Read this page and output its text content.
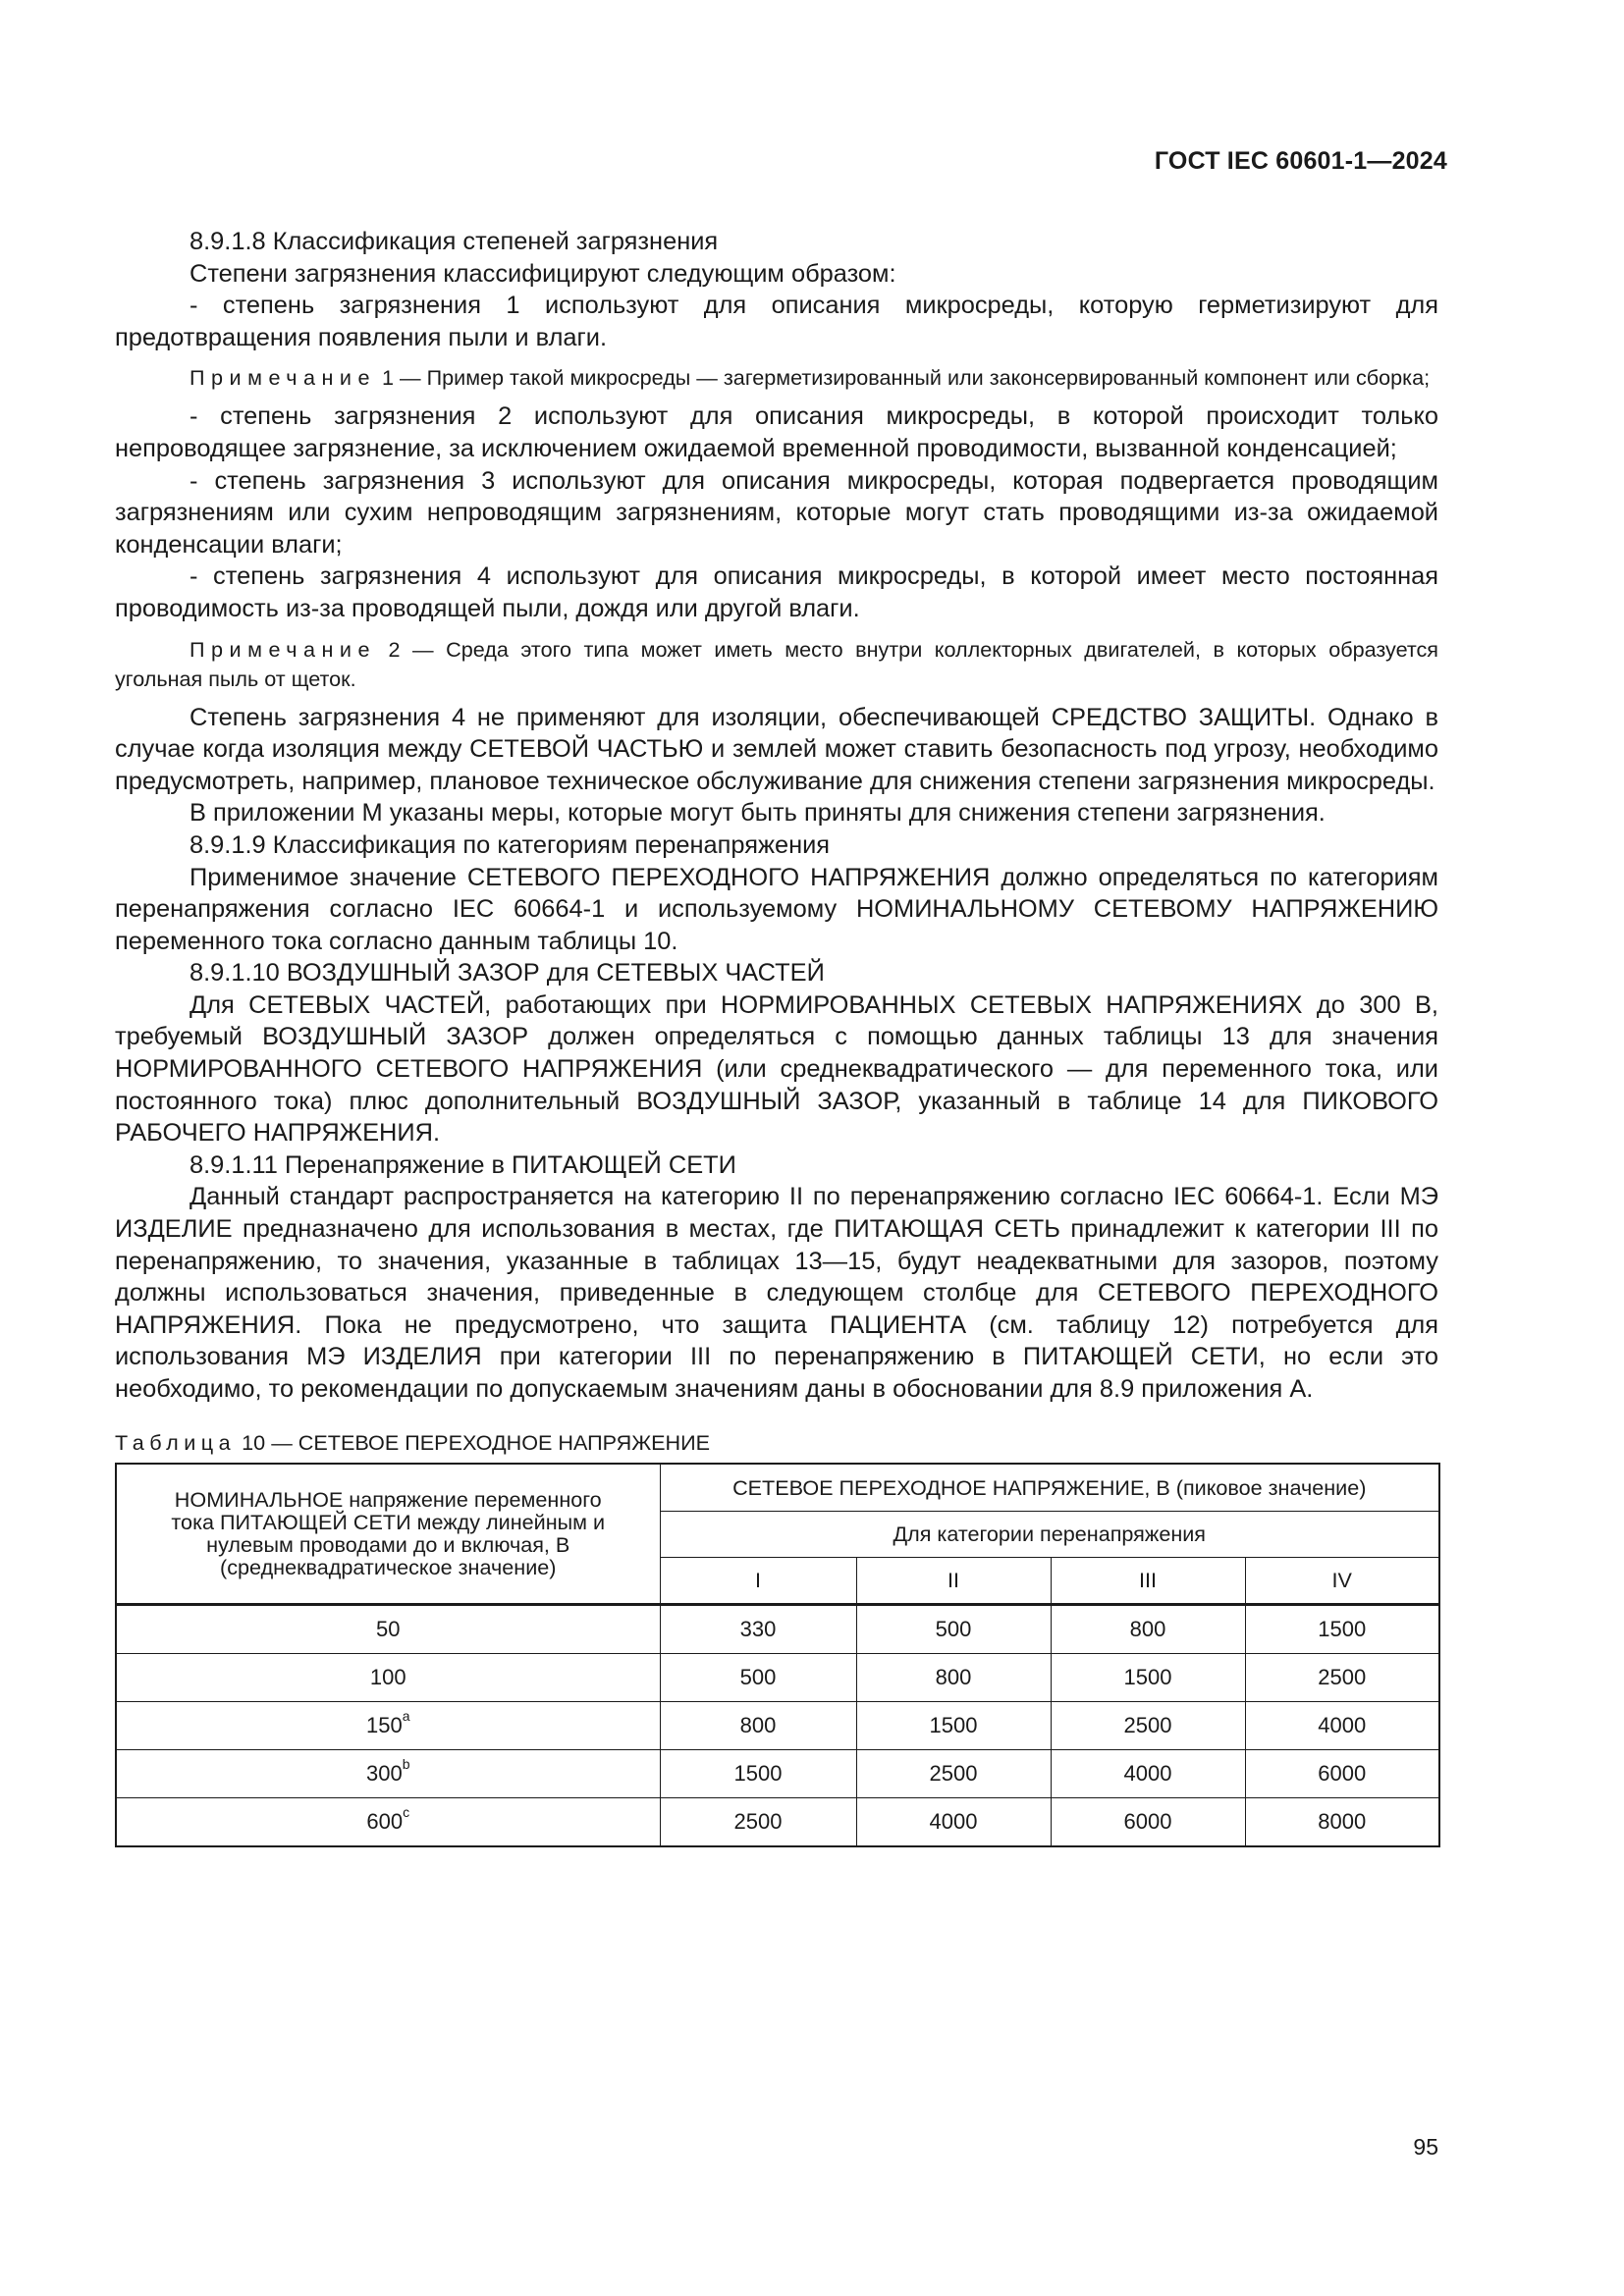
ГОСТ IEC 60601-1—2024

8.9.1.8 Классификация степеней загрязнения

Степени загрязнения классифицируют следующим образом:

- степень загрязнения 1 используют для описания микросреды, которую герметизируют для предотвращения появления пыли и влаги.

Примечание 1 — Пример такой микросреды — загерметизированный или законсервированный компонент или сборка;

- степень загрязнения 2 используют для описания микросреды, в которой происходит только непроводящее загрязнение, за исключением ожидаемой временной проводимости, вызванной конденсацией;

- степень загрязнения 3 используют для описания микросреды, которая подвергается проводящим загрязнениям или сухим непроводящим загрязнениям, которые могут стать проводящими из-за ожидаемой конденсации влаги;

- степень загрязнения 4 используют для описания микросреды, в которой имеет место постоянная проводимость из-за проводящей пыли, дождя или другой влаги.

Примечание 2 — Среда этого типа может иметь место внутри коллекторных двигателей, в которых образуется угольная пыль от щеток.

Степень загрязнения 4 не применяют для изоляции, обеспечивающей СРЕДСТВО ЗАЩИТЫ. Однако в случае когда изоляция между СЕТЕВОЙ ЧАСТЬЮ и землей может ставить безопасность под угрозу, необходимо предусмотреть, например, плановое техническое обслуживание для снижения степени загрязнения микросреды.

В приложении М указаны меры, которые могут быть приняты для снижения степени загрязнения.

8.9.1.9 Классификация по категориям перенапряжения

Применимое значение СЕТЕВОГО ПЕРЕХОДНОГО НАПРЯЖЕНИЯ должно определяться по категориям перенапряжения согласно IEC 60664-1 и используемому НОМИНАЛЬНОМУ СЕТЕВОМУ НАПРЯЖЕНИЮ переменного тока согласно данным таблицы 10.

8.9.1.10 ВОЗДУШНЫЙ ЗАЗОР для СЕТЕВЫХ ЧАСТЕЙ

Для СЕТЕВЫХ ЧАСТЕЙ, работающих при НОРМИРОВАННЫХ СЕТЕВЫХ НАПРЯЖЕНИЯХ до 300 В, требуемый ВОЗДУШНЫЙ ЗАЗОР должен определяться с помощью данных таблицы 13 для значения НОРМИРОВАННОГО СЕТЕВОГО НАПРЯЖЕНИЯ (или среднеквадратического — для переменного тока, или постоянного тока) плюс дополнительный ВОЗДУШНЫЙ ЗАЗОР, указанный в таблице 14 для ПИКОВОГО РАБОЧЕГО НАПРЯЖЕНИЯ.

8.9.1.11 Перенапряжение в ПИТАЮЩЕЙ СЕТИ

Данный стандарт распространяется на категорию II по перенапряжению согласно IEC 60664-1. Если МЭ ИЗДЕЛИЕ предназначено для использования в местах, где ПИТАЮЩАЯ СЕТЬ принадлежит к категории III по перенапряжению, то значения, указанные в таблицах 13—15, будут неадекватными для зазоров, поэтому должны использоваться значения, приведенные в следующем столбце для СЕТЕВОГО ПЕРЕХОДНОГО НАПРЯЖЕНИЯ. Пока не предусмотрено, что защита ПАЦИЕНТА (см. таблицу 12) потребуется для использования МЭ ИЗДЕЛИЯ при категории III по перенапряжению в ПИТАЮЩЕЙ СЕТИ, но если это необходимо, то рекомендации по допускаемым значениям даны в обосновании для 8.9 приложения А.

Таблица 10 — СЕТЕВОЕ ПЕРЕХОДНОЕ НАПРЯЖЕНИЕ
НОМИНАЛЬНОЕ напряжение переменного тока ПИТАЮЩЕЙ СЕТИ между линейным и нулевым проводами до и включая, В (среднеквадратическое значение)	СЕТЕВОЕ ПЕРЕХОДНОЕ НАПРЯЖЕНИЕ, В (пиковое значение)			
	Для категории перенапряжения			
	I	II	III	IV
50	330	500	800	1500
100	500	800	1500	2500
150$^a$	800	1500	2500	4000
300$^b$	1500	2500	4000	6000
600$^c$	2500	4000	6000	8000
95
